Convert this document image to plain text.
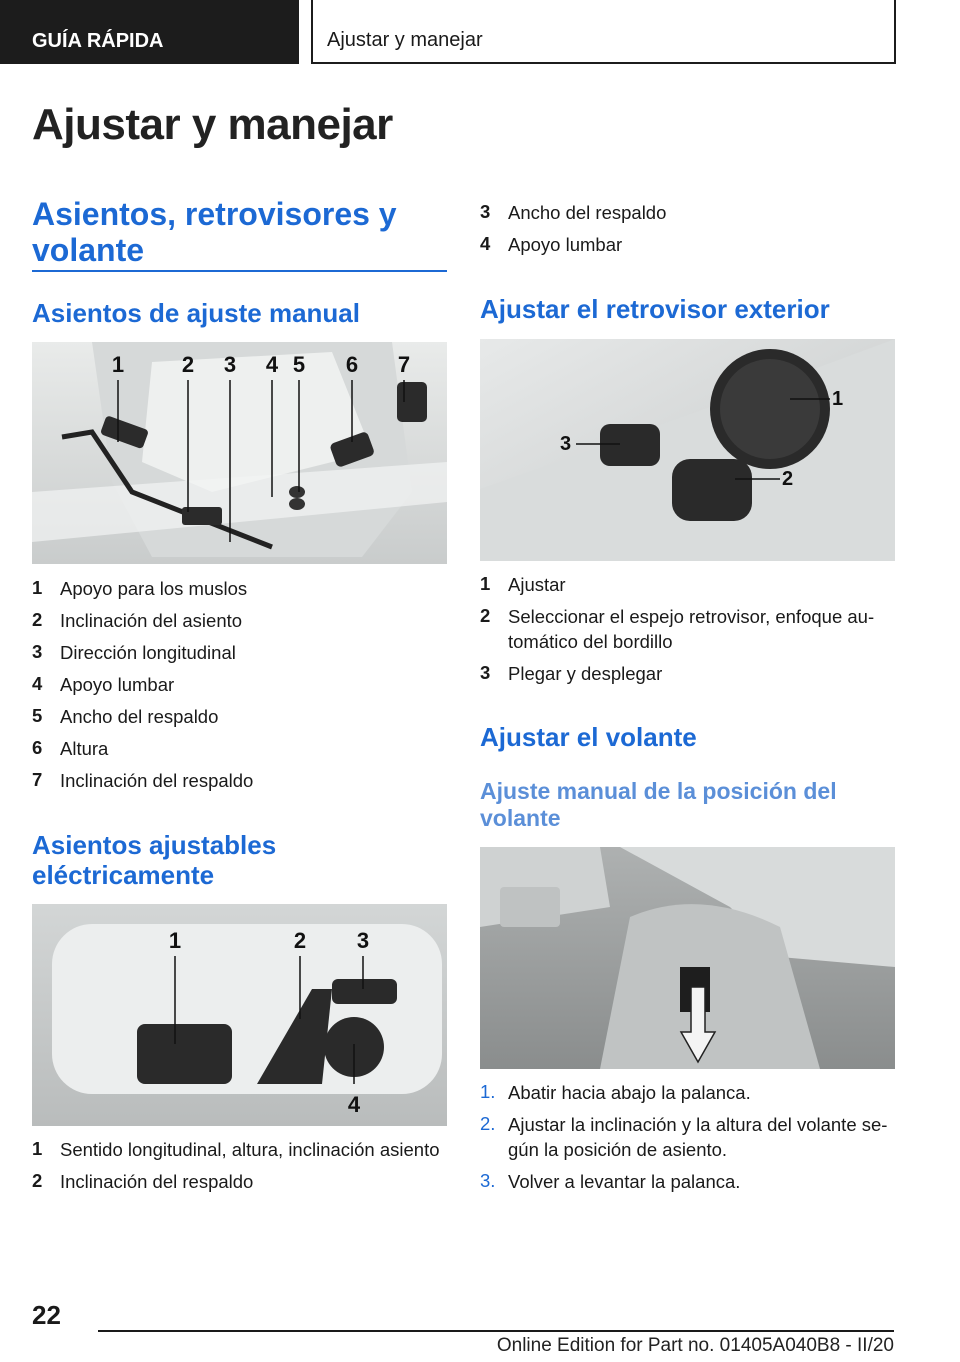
GUÍA RÁPIDA	Ajustar y manejar
Ajustar y manejar
Asientos, retrovisores y volante
Asientos de ajuste manual
1	2 3 4 5 6 7
1 Apoyo para los muslos
2 Inclinación del asiento
3 Dirección longitudinal
4 Apoyo lumbar
5 Ancho del respaldo
6 Altura
7 Inclinación del respaldo
Asientos ajustables eléctricamente
1	2 3
4
1 Sentido longitudinal, altura, inclinación asiento
2 Inclinación del respaldo
3 Ancho del respaldo
4 Apoyo lumbar
Ajustar el retrovisor exterior
1
2
3
1 Ajustar
2 Seleccionar el espejo retrovisor, enfoque automático del bordillo
3 Plegar y desplegar
Ajustar el volante
Ajuste manual de la posición del volante
1. Abatir hacia abajo la palanca.
2. Ajustar la inclinación y la altura del volante según la posición de asiento.
3. Volver a levantar la palanca.
22
Online Edition for Part no. 01405A040B8 - II/20
